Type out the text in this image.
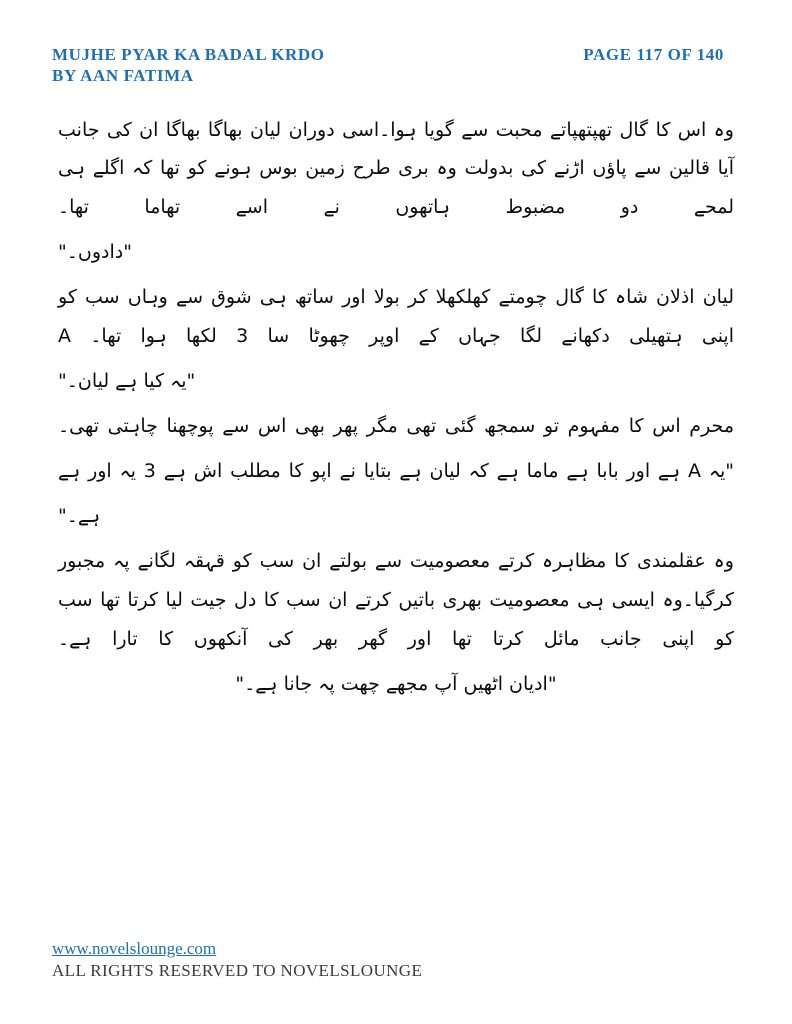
MUJHE PYAR KA BADAL KRDO
BY AAN FATIMA
PAGE 117 OF 140

وہ اس کا گال تھپتھپاتے محبت سے گویا ہوا۔اسی دوران لیان بھاگا بھاگا ان کی جانب آیا قالین سے پاؤں اڑنے کی بدولت وہ بری طرح زمین بوس ہونے کو تھا کہ اگلے ہی لمحے دو مضبوط ہاتھوں نے اسے تھاما تھا۔

"دادوں۔"

لیان اذلان شاہ کا گال چومتے کھلکھلا کر بولا اور ساتھ ہی شوق سے وہاں سب کو اپنی ہتھیلی دکھانے لگا جہاں کے اوپر چھوٹا سا 3 لکھا ہوا تھا۔ A

"یہ کیا ہے لیان۔"

محرم اس کا مفہوم تو سمجھ گئی تھی مگر پھر بھی اس سے پوچھنا چاہتی تھی۔

"یہ A ہے اور بابا ہے ماما ہے کہ لیان ہے بتایا نے اپو کا مطلب اش ہے 3 یہ اور ہے

ہے۔"

وہ عقلمندی کا مظاہرہ کرتے معصومیت سے بولتے ان سب کو قہقہ لگانے پہ مجبور کرگیا۔وہ ایسی ہی معصومیت بھری باتیں کرتے ان سب کا دل جیت لیا کرتا تھا سب کو اپنی جانب مائل کرتا تھا اور گھر بھر کی آنکھوں کا تارا ہے۔

"ادیان اٹھیں آپ مجھے چھت پہ جانا ہے۔"

www.novelslounge.com
ALL RIGHTS RESERVED TO NOVELSLOUNGE
